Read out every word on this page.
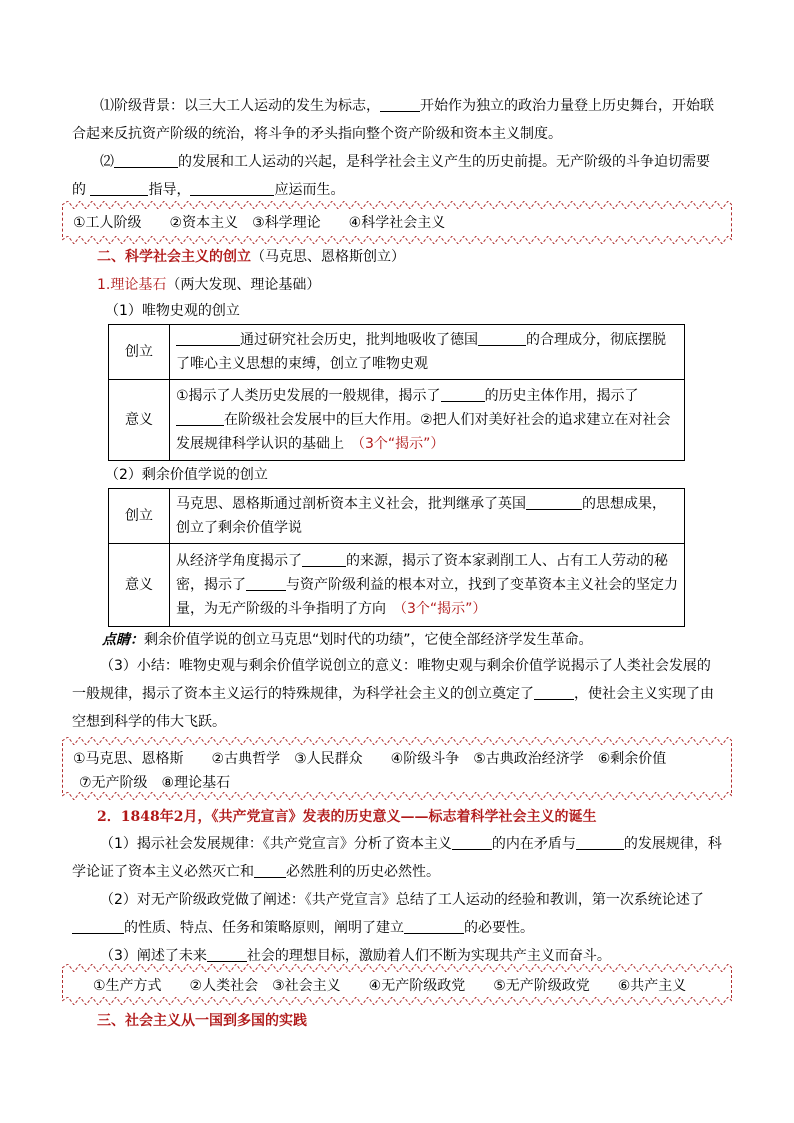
⑴阶级背景：以三大工人运动的发生为标志，	开始作为独立的政治力量登上历史舞台，开始联合起来反抗资产阶级的统治，将斗争的矛头指向整个资产阶级和资本主义制度。
⑵	的发展和工人运动的兴起，是科学社会主义产生的历史前提。无产阶级的斗争迫切需要的	指导，	应运而生。
①工人阶级　　②资本主义　③科学理论　　④科学社会主义
二、科学社会主义的创立（马克思、恩格斯创立）
1.理论基石（两大发现、理论基础）
（1）唯物史观的创立
创立	通过研究社会历史，批判地吸收了德国 的合理成分，彻底摆脱了唯心主义思想的束缚，创立了唯物史观
意义	①揭示了人类历史发展的一般规律，揭示了 的历史主体作用，揭示了在阶级社会发展中的巨大作用。②把人们对美好社会的追求建立在对社会发展规律科学认识的基础上　 （3个“揭示”）
（2）剩余价值学说的创立
创立	马克思、恩格斯通过剖析资本主义社会，批判继承了英国 的思想成果，创立了剩余价值学说
意义	从经济学角度揭示了 的来源，揭示了资本家剥削工人、占有工人劳动的秘密，揭示了 与资产阶级利益的根本对立，找到了变革资本主义社会的坚定力量，为无产阶级的斗争指明了方向　 （3个“揭示”）
点睛：剩余价值学说的创立马克思“划时代的功绩”，它使全部经济学发生革命。
（3）小结：唯物史观与剩余价值学说创立的意义：唯物史观与剩余价值学说揭示了人类社会发展的一般规律，揭示了资本主义运行的特殊规律，为科学社会主义的创立奠定了	，使社会主义实现了由空想到科学的伟大飞跃。
①马克思、恩格斯　　②古典哲学　③人民群众　　④阶级斗争　⑤古典政治经济学　⑥剩余价值
⑦无产阶级　⑧理论基石
2．1848年2月，《共产党宣言》发表的历史意义——标志着科学社会主义的诞生
（1）揭示社会发展规律：《共产党宣言》分析了资本主义	的内在矛盾与	的发展规律，科学论证了资本主义必然灭亡和 必然胜利的历史必然性。
（2）对无产阶级政党做了阐述：《共产党宣言》总结了工人运动的经验和教训，第一次系统论述了的性质、特点、任务和策略原则，阐明了建立	的必要性。
（3）阐述了未来	社会的理想目标，激励着人们不断为实现共产主义而奋斗。
①生产方式　　②人类社会　③社会主义　　④无产阶级政党　　⑤无产阶级政党　　⑥共产主义
三、社会主义从一国到多国的实践
